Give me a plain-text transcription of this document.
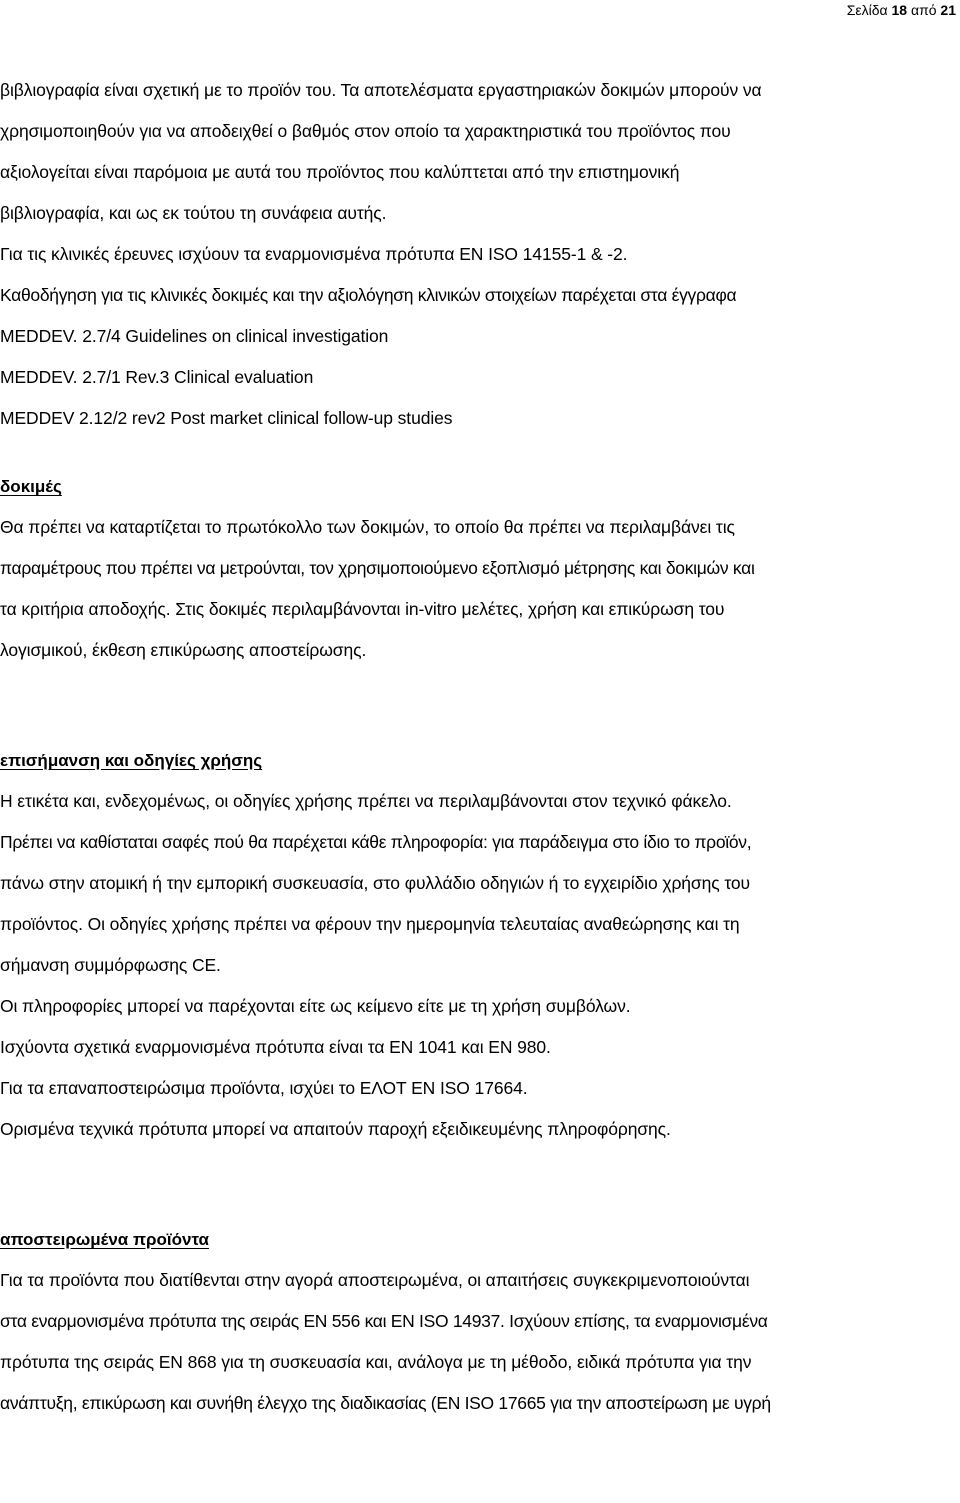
Σελίδα 18 από 21
βιβλιογραφία είναι σχετική με το προϊόν του. Τα αποτελέσματα εργαστηριακών δοκιμών μπορούν να
χρησιμοποιηθούν για να αποδειχθεί ο βαθμός στον οποίο τα χαρακτηριστικά του προϊόντος που
αξιολογείται είναι παρόμοια με αυτά του προϊόντος που καλύπτεται από την επιστημονική
βιβλιογραφία, και ως εκ τούτου τη συνάφεια αυτής.
Για τις κλινικές έρευνες ισχύουν τα εναρμονισμένα πρότυπα EN ISO 14155-1 & -2.
Καθοδήγηση για τις κλινικές δοκιμές και την αξιολόγηση κλινικών στοιχείων παρέχεται στα έγγραφα
MEDDEV. 2.7/4 Guidelines on clinical investigation
MEDDEV. 2.7/1 Rev.3 Clinical evaluation
MEDDEV 2.12/2 rev2 Post market clinical follow-up studies
δοκιμές
Θα πρέπει να καταρτίζεται το πρωτόκολλο των δοκιμών, το οποίο θα πρέπει να περιλαμβάνει τις
παραμέτρους που πρέπει να μετρούνται, τον χρησιμοποιούμενο εξοπλισμό μέτρησης και δοκιμών και
τα κριτήρια αποδοχής. Στις δοκιμές περιλαμβάνονται in-vitro μελέτες, χρήση και επικύρωση του
λογισμικού, έκθεση επικύρωσης αποστείρωσης.
επισήμανση και οδηγίες χρήσης
Η ετικέτα και, ενδεχομένως, οι οδηγίες χρήσης πρέπει να περιλαμβάνονται στον τεχνικό φάκελο.
Πρέπει να καθίσταται σαφές πού θα παρέχεται κάθε πληροφορία: για παράδειγμα στο ίδιο το προϊόν,
πάνω στην ατομική ή την εμπορική συσκευασία, στο φυλλάδιο οδηγιών ή το εγχειρίδιο χρήσης του
προϊόντος. Οι οδηγίες χρήσης πρέπει να φέρουν την ημερομηνία τελευταίας αναθεώρησης και τη
σήμανση συμμόρφωσης CE.
Οι πληροφορίες μπορεί να παρέχονται είτε ως κείμενο είτε με τη χρήση συμβόλων.
Ισχύοντα σχετικά εναρμονισμένα πρότυπα είναι τα EN 1041 και EN 980.
Για τα επαναποστειρώσιμα προϊόντα, ισχύει το ΕΛΟΤ EN ISO 17664.
Ορισμένα τεχνικά πρότυπα μπορεί να απαιτούν παροχή εξειδικευμένης πληροφόρησης.
αποστειρωμένα προϊόντα
Για τα προϊόντα που διατίθενται στην αγορά αποστειρωμένα, οι απαιτήσεις συγκεκριμενοποιούνται
στα εναρμονισμένα πρότυπα της σειράς EN 556 και EN ISO 14937. Ισχύουν επίσης, τα εναρμονισμένα
πρότυπα της σειράς EN 868 για τη συσκευασία και, ανάλογα με τη μέθοδο, ειδικά πρότυπα για την
ανάπτυξη, επικύρωση και συνήθη έλεγχο της διαδικασίας (EN ISO 17665 για την αποστείρωση με υγρή
